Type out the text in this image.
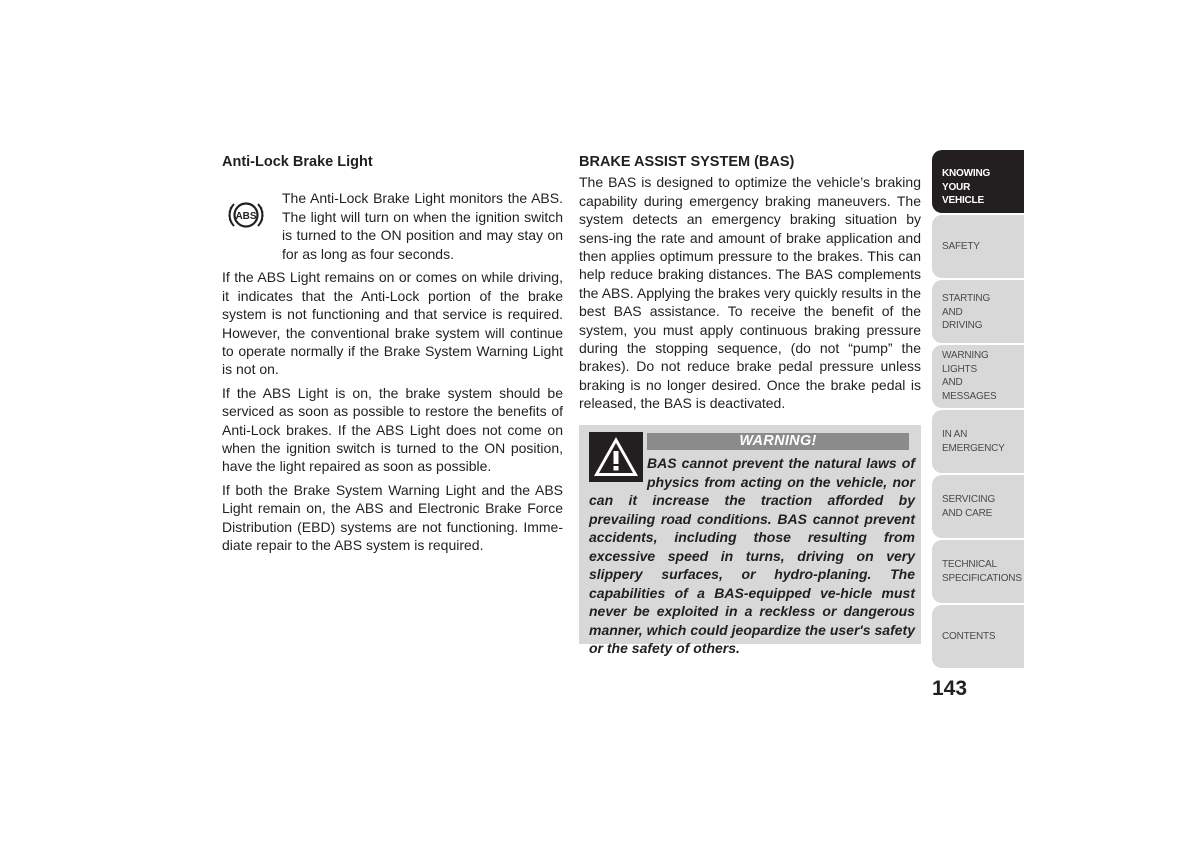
Anti-Lock Brake Light

ABS
The Anti-Lock Brake Light monitors the ABS. The light will turn on when the ignition switch is turned to the ON position and may stay on for as long as four seconds.

If the ABS Light remains on or comes on while driving, it indicates that the Anti-Lock portion of the brake system is not functioning and that service is required. However, the conventional brake system will continue to operate normally if the Brake System Warning Light is not on.

If the ABS Light is on, the brake system should be serviced as soon as possible to restore the benefits of Anti-Lock brakes. If the ABS Light does not come on when the ignition switch is turned to the ON position, have the light repaired as soon as possible.

If both the Brake System Warning Light and the ABS Light remain on, the ABS and Electronic Brake Force Distribution (EBD) systems are not functioning. Imme-diate repair to the ABS system is required.

BRAKE ASSIST SYSTEM (BAS)

The BAS is designed to optimize the vehicle’s braking capability during emergency braking maneuvers. The system detects an emergency braking situation by sens-ing the rate and amount of brake application and then applies optimum pressure to the brakes. This can help reduce braking distances. The BAS complements the ABS. Applying the brakes very quickly results in the best BAS assistance. To receive the benefit of the system, you must apply continuous braking pressure during the stopping sequence, (do not “pump” the brakes). Do not reduce brake pedal pressure unless braking is no longer desired. Once the brake pedal is released, the BAS is deactivated.

WARNING!
BAS cannot prevent the natural laws of physics from acting on the vehicle, nor can it increase the traction afforded by prevailing road conditions. BAS cannot prevent accidents, including those resulting from excessive speed in turns, driving on very slippery surfaces, or hydro-planing. The capabilities of a BAS-equipped ve-hicle must never be exploited in a reckless or dangerous manner, which could jeopardize the user's safety or the safety of others.
KNOWING
YOUR
VEHICLE
SAFETY
STARTING
AND
DRIVING
WARNING
LIGHTS
AND
MESSAGES
IN AN
EMERGENCY
SERVICING
AND CARE
TECHNICAL
SPECIFICATIONS
CONTENTS
143
